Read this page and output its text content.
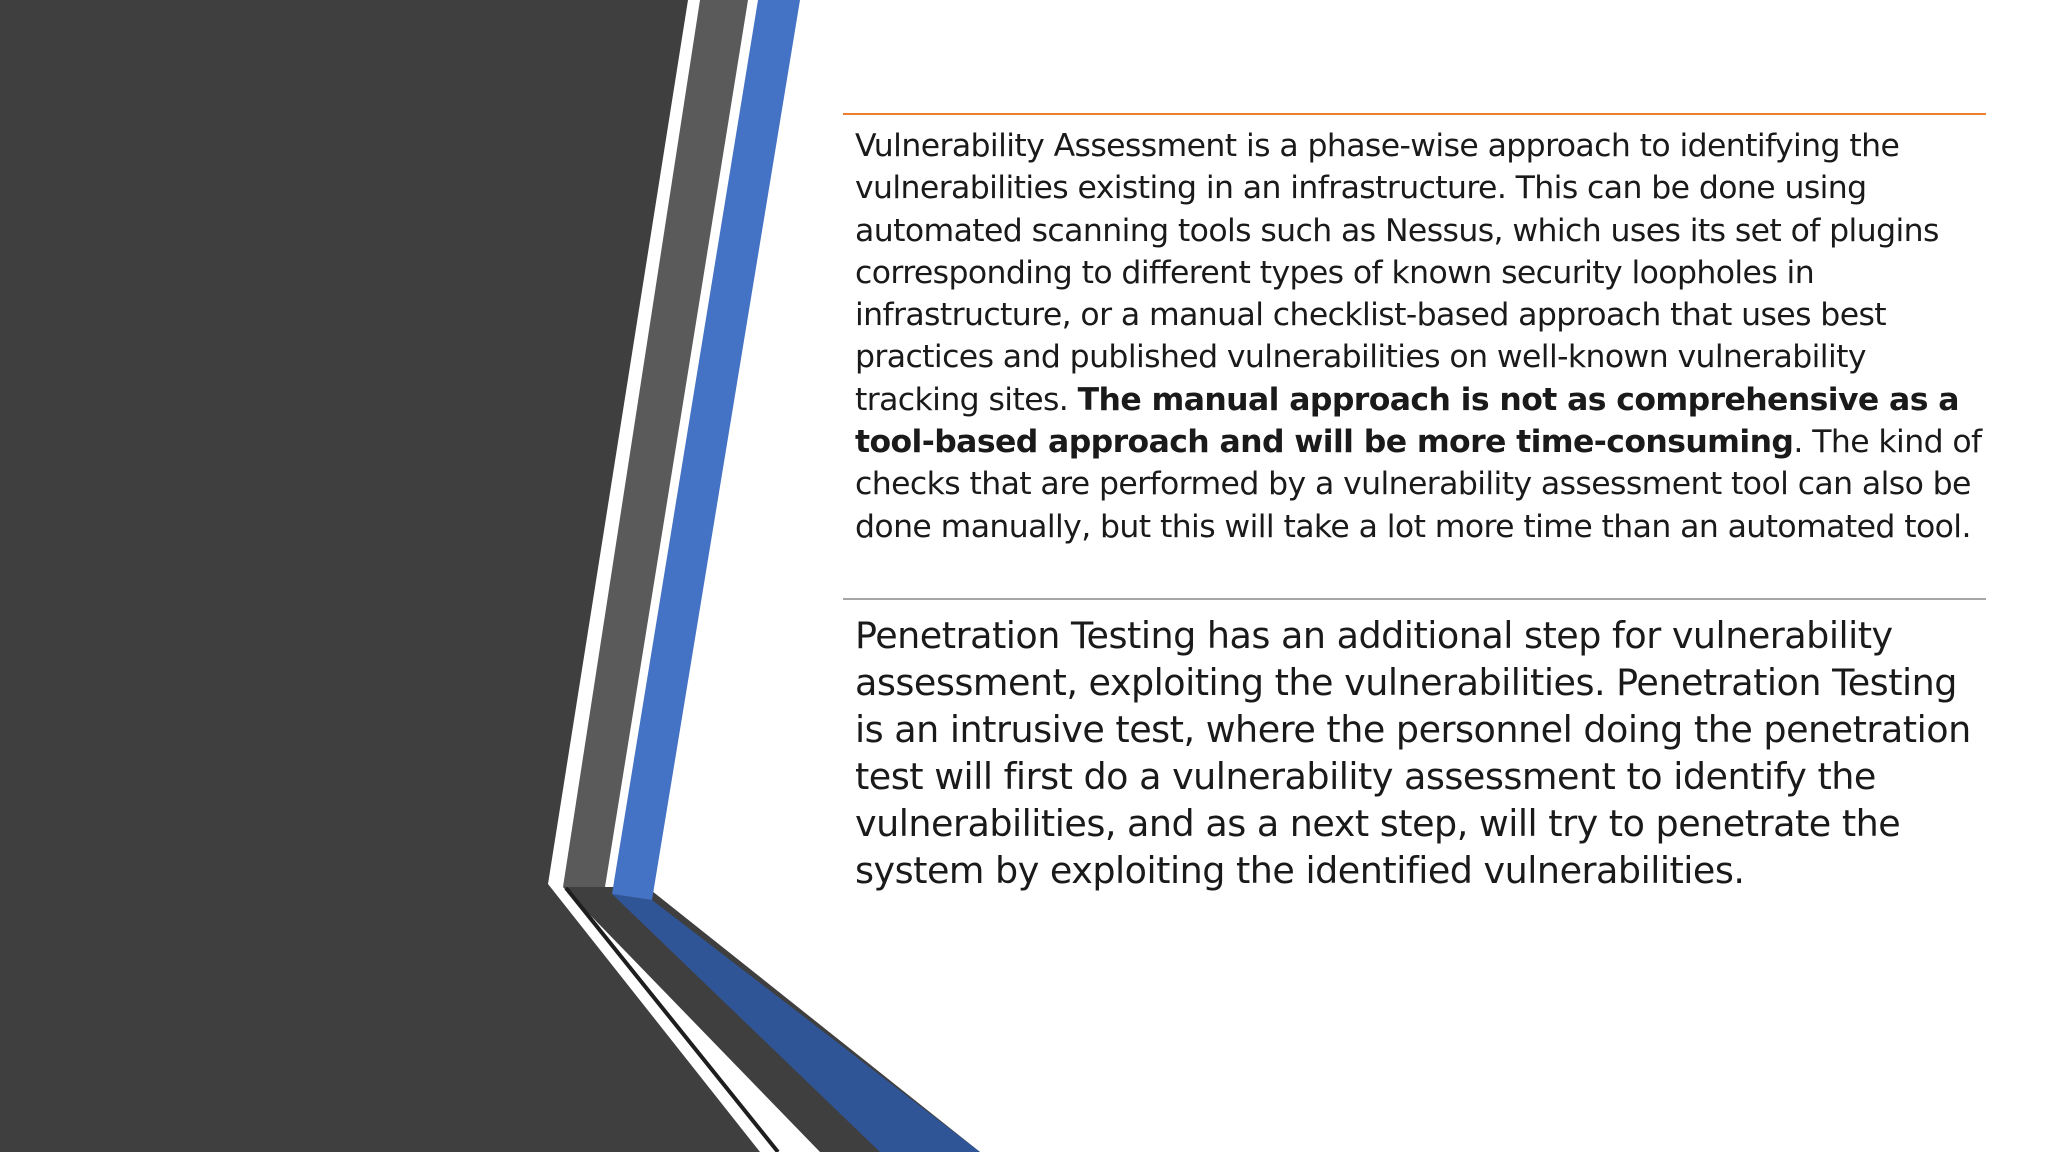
Vulnerability Assessment is a phase-wise approach to identifying the vulnerabilities existing in an infrastructure. This can be done using automated scanning tools such as Nessus, which uses its set of plugins corresponding to different types of known security loopholes in infrastructure, or a manual checklist-based approach that uses best practices and published vulnerabilities on well-known vulnerability tracking sites. The manual approach is not as comprehensive as a tool-based approach and will be more time-consuming. The kind of checks that are performed by a vulnerability assessment tool can also be done manually, but this will take a lot more time than an automated tool.

Penetration Testing has an additional step for vulnerability assessment, exploiting the vulnerabilities. Penetration Testing is an intrusive test, where the personnel doing the penetration test will first do a vulnerability assessment to identify the vulnerabilities, and as a next step, will try to penetrate the system by exploiting the identified vulnerabilities.
